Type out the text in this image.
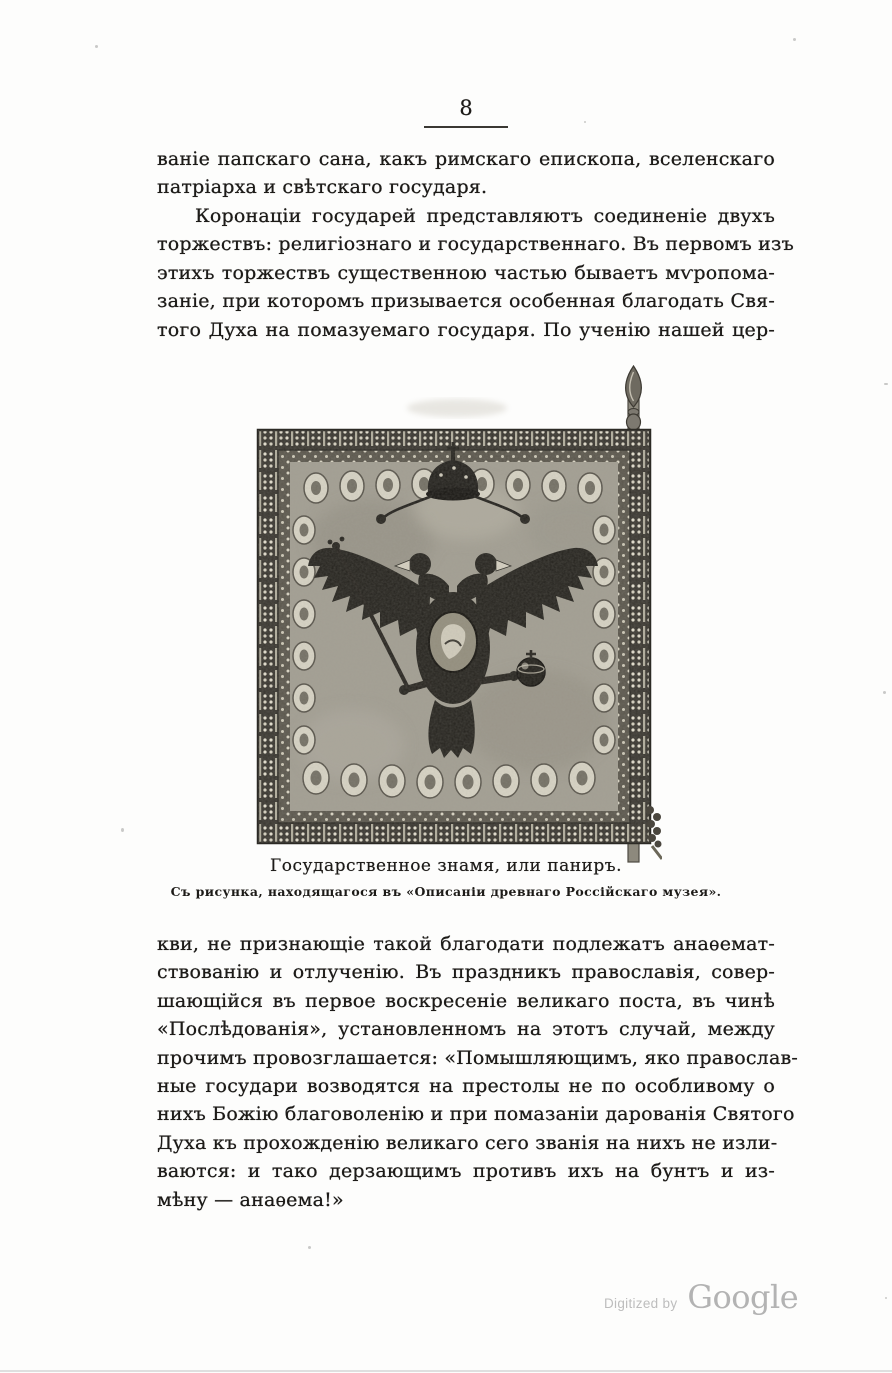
8
ваніе папскаго сана, какъ римскаго епископа, вселенскаго
патріарха и свѣтскаго государя.
Коронаціи государей представляютъ соединеніе двухъ
торжествъ: религіознаго и государственнаго. Въ первомъ изъ
этихъ торжествъ существенною частью бываетъ мѵропома-
заніе, при которомъ призывается особенная благодать Свя-
того Духа на помазуемаго государя. По ученію нашей цер-
Государственное знамя, или паниръ.
Съ рисунка, находящагося въ «Описаніи древнаго Россійскаго музея».
кви, не признающіе такой благодати подлежатъ анаѳемат-
ствованію и отлученію. Въ праздникъ православія, совер-
шающійся въ первое воскресеніе великаго поста, въ чинѣ
«Послѣдованія», установленномъ на этотъ случай, между
прочимъ провозглашается: «Помышляющимъ, яко православ-
ные государи возводятся на престолы не по особливому о
нихъ Божію благоволенію и при помазаніи дарованія Святого
Духа къ прохожденію великаго сего званія на нихъ не изли-
ваются: и тако дерзающимъ противъ ихъ на бунтъ и из-
мѣну — анаѳема!»
Digitized by Google
